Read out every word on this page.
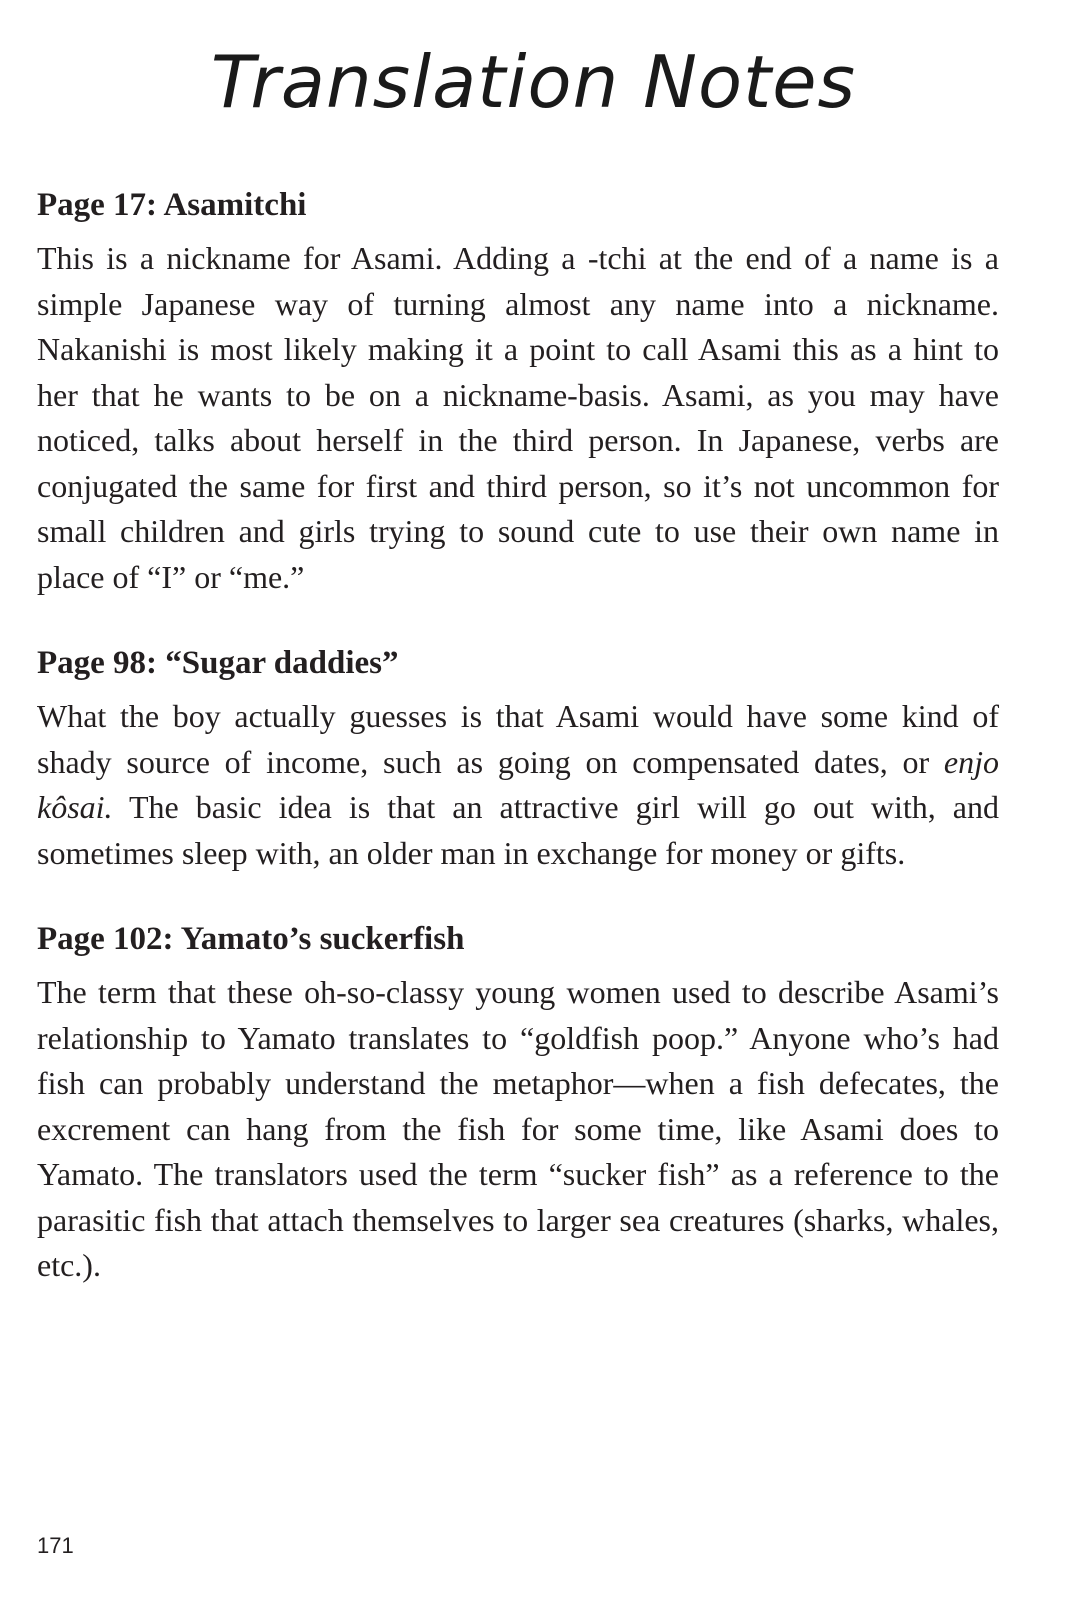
Translation Notes
Page 17: Asamitchi

This is a nickname for Asami. Adding a -tchi at the end of a name is a simple Japanese way of turning almost any name into a nickname. Nakanishi is most likely making it a point to call Asami this as a hint to her that he wants to be on a nickname-basis. Asami, as you may have noticed, talks about herself in the third person. In Japanese, verbs are conjugated the same for first and third person, so it’s not uncommon for small children and girls trying to sound cute to use their own name in place of “I” or “me.”

Page 98: “Sugar daddies”

What the boy actually guesses is that Asami would have some kind of shady source of income, such as going on compensated dates, or enjo kôsai. The basic idea is that an attractive girl will go out with, and sometimes sleep with, an older man in exchange for money or gifts.

Page 102: Yamato’s suckerfish

The term that these oh-so-classy young women used to describe Asami’s relationship to Yamato translates to “goldfish poop.” Anyone who’s had fish can probably understand the metaphor—when a fish defecates, the excrement can hang from the fish for some time, like Asami does to Yamato. The translators used the term “sucker fish” as a reference to the parasitic fish that attach themselves to larger sea creatures (sharks, whales, etc.).

171
